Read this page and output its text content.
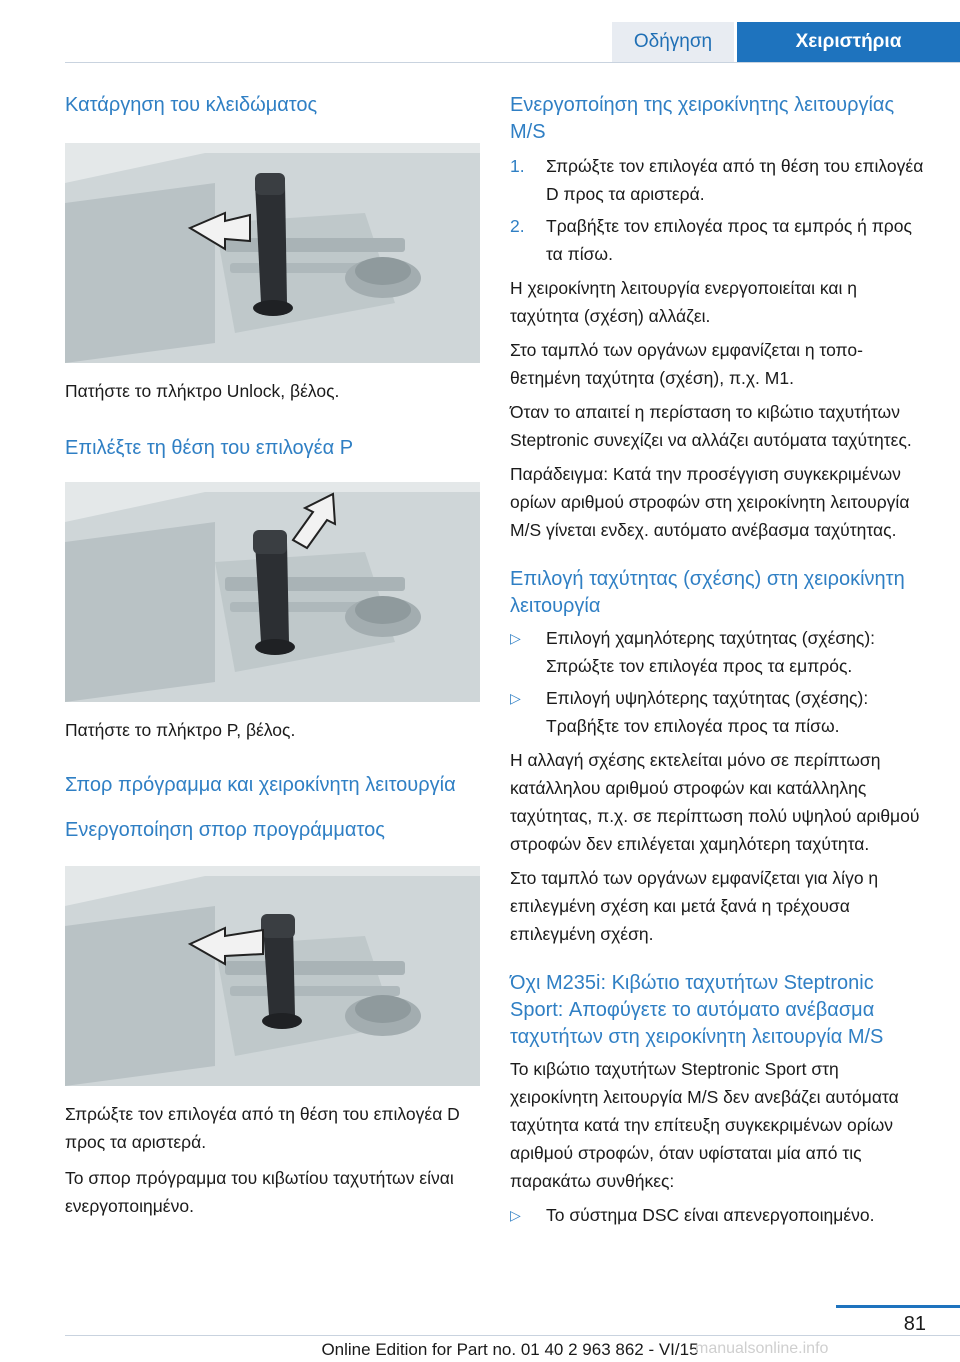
Οδήγηση	Χειριστήρια
Κατάργηση του κλειδώματος

Πατήστε το πλήκτρο Unlock, βέλος.

Επιλέξτε τη θέση του επιλογέα P

Πατήστε το πλήκτρο P, βέλος.

Σπορ πρόγραμμα και χειροκίνητη λειτουργία
Ενεργοποίηση σπορ προγράμματος

Σπρώξτε τον επιλογέα από τη θέση του επιλογέα D προς τα αριστερά.

Το σπορ πρόγραμμα του κιβωτίου ταχυτήτων είναι ενεργοποιημένο.

Ενεργοποίηση της χειροκίνητης λειτουργίας M/S
1.	Σπρώξτε τον επιλογέα από τη θέση του επιλογέα D προς τα αριστερά.
2.	Τραβήξτε τον επιλογέα προς τα εμπρός ή προς τα πίσω.

Η χειροκίνητη λειτουργία ενεργοποιείται και η ταχύτητα (σχέση) αλλάζει.

Στο ταμπλό των οργάνων εμφανίζεται η τοποθετημένη ταχύτητα (σχέση), π.χ. M1.

Όταν το απαιτεί η περίσταση το κιβώτιο ταχυτήτων Steptronic συνεχίζει να αλλάζει αυτόματα ταχύτητες.

Παράδειγμα: Κατά την προσέγγιση συγκεκριμένων ορίων αριθμού στροφών στη χειροκίνητη λειτουργία M/S γίνεται ενδεχ. αυτόματο ανέβασμα ταχύτητας.

Επιλογή ταχύτητας (σχέσης) στη χειροκίνητη λειτουργία
▷	Επιλογή χαμηλότερης ταχύτητας (σχέσης): Σπρώξτε τον επιλογέα προς τα εμπρός.
▷	Επιλογή υψηλότερης ταχύτητας (σχέσης): Τραβήξτε τον επιλογέα προς τα πίσω.

Η αλλαγή σχέσης εκτελείται μόνο σε περίπτωση κατάλληλου αριθμού στροφών και κατάλληλης ταχύτητας, π.χ. σε περίπτωση πολύ υψηλού αριθμού στροφών δεν επιλέγεται χαμηλότερη ταχύτητα.

Στο ταμπλό των οργάνων εμφανίζεται για λίγο η επιλεγμένη σχέση και μετά ξανά η τρέχουσα επιλεγμένη σχέση.

Όχι M235i: Κιβώτιο ταχυτήτων Steptronic Sport: Αποφύγετε το αυτόματο ανέβασμα ταχυτήτων στη χειροκίνητη λειτουργία M/S

Το κιβώτιο ταχυτήτων Steptronic Sport στη χειροκίνητη λειτουργία M/S δεν ανεβάζει αυτόματα ταχύτητα κατά την επίτευξη συγκεκριμένων ορίων αριθμού στροφών, όταν υφίσταται μία από τις παρακάτω συνθήκες:

▷	Το σύστημα DSC είναι απενεργοποιημένο.
81
Online Edition for Part no. 01 40 2 963 862 - VI/15
manualsonline.info
